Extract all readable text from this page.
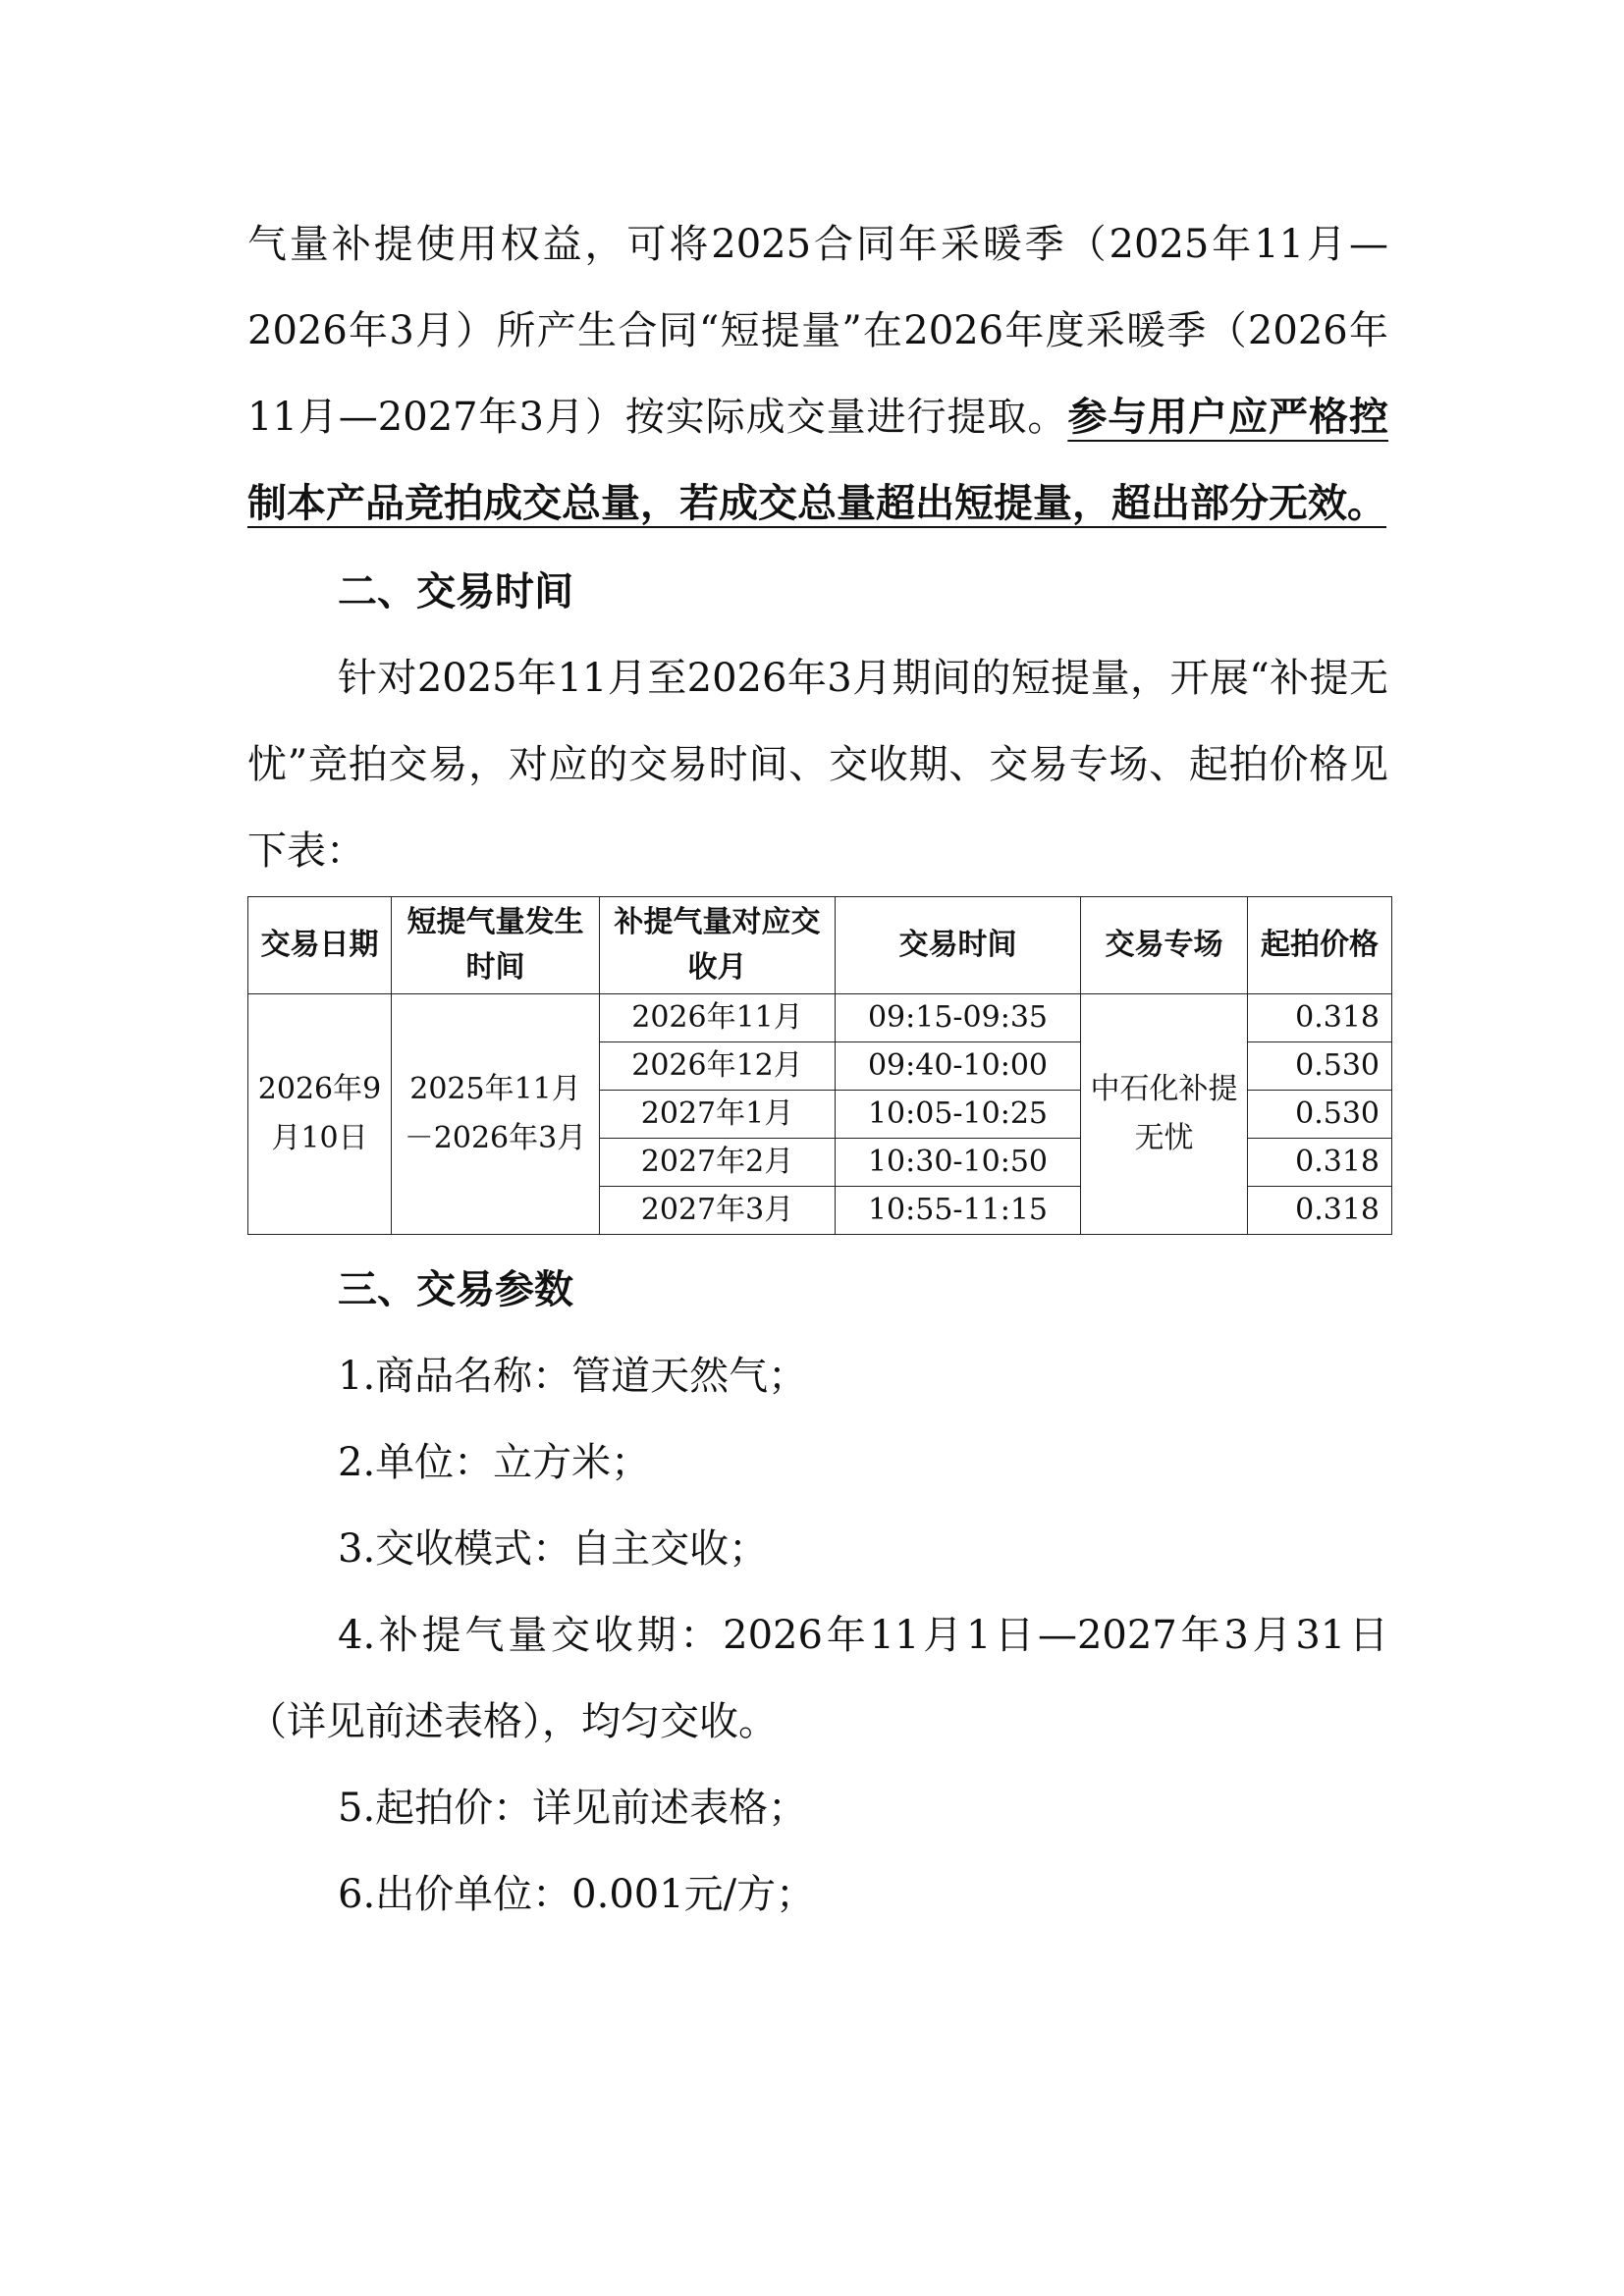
气量补提使用权益，可将2025合同年采暖季（2025年11月—2026年3月）所产生合同“短提量”在2026年度采暖季（2026年11月—2027年3月）按实际成交量进行提取。参与用户应严格控制本产品竞拍成交总量，若成交总量超出短提量，超出部分无效。

二、交易时间

针对2025年11月至2026年3月期间的短提量，开展“补提无忧”竞拍交易，对应的交易时间、交收期、交易专场、起拍价格见下表：

交易日期	短提气量发生时间	补提气量对应交收月	交易时间	交易专场	起拍价格
2026年9月10日	2025年11月－2026年3月	2026年11月	09:15-09:35	中石化补提无忧	0.318
		2026年12月	09:40-10:00		0.530
		2027年1月	10:05-10:25		0.530
		2027年2月	10:30-10:50		0.318
		2027年3月	10:55-11:15		0.318

三、交易参数

1.商品名称：管道天然气；

2.单位：立方米；

3.交收模式：自主交收；

4.补提气量交收期：2026年11月1日—2027年3月31日（详见前述表格），均匀交收。

5.起拍价：详见前述表格；

6.出价单位：0.001元/方；
